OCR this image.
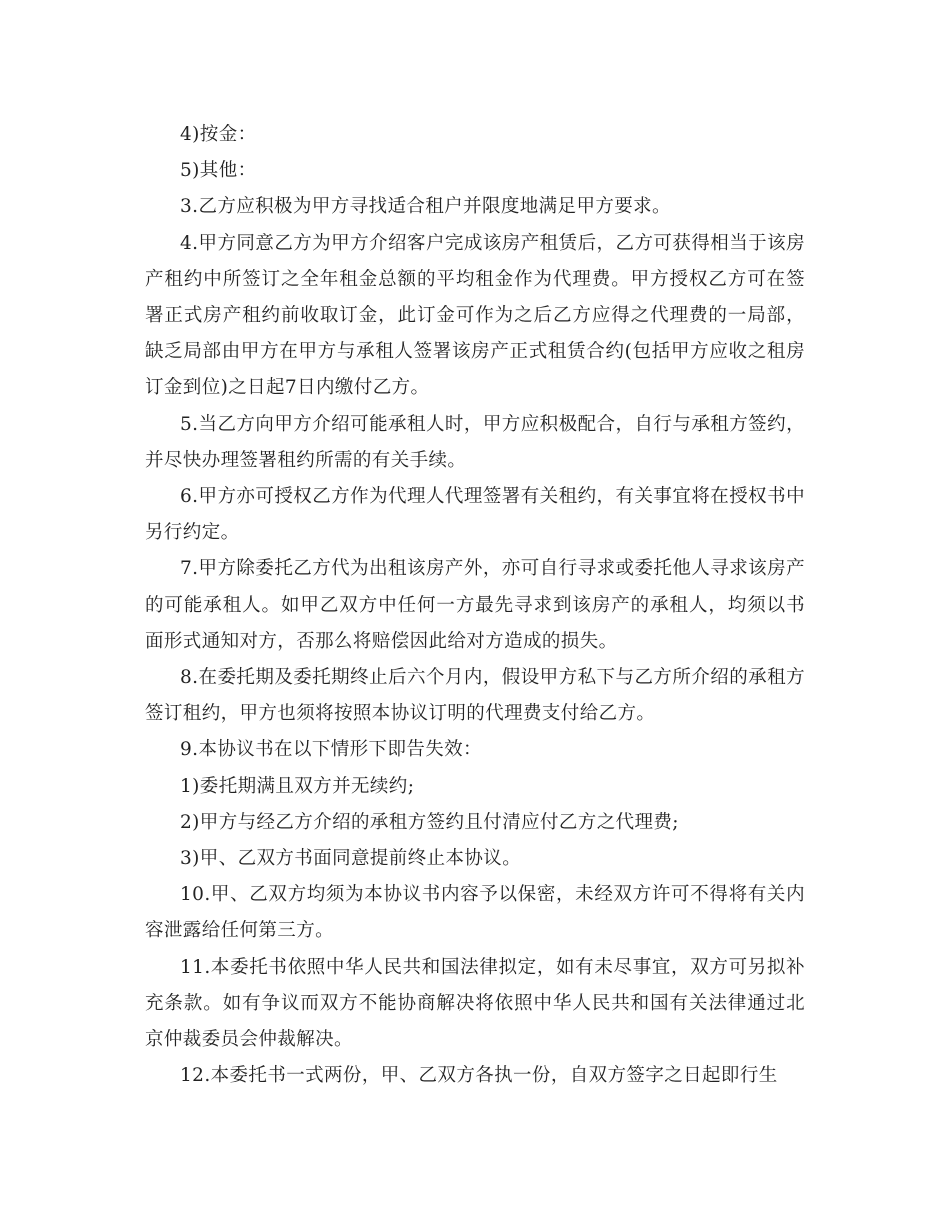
4)按金：

5)其他：

3.乙方应积极为甲方寻找适合租户并限度地满足甲方要求。

4.甲方同意乙方为甲方介绍客户完成该房产租赁后，乙方可获得相当于该房产租约中所签订之全年租金总额的平均租金作为代理费。甲方授权乙方可在签署正式房产租约前收取订金，此订金可作为之后乙方应得之代理费的一局部，缺乏局部由甲方在甲方与承租人签署该房产正式租赁合约(包括甲方应收之租房订金到位)之日起7日内缴付乙方。

5.当乙方向甲方介绍可能承租人时，甲方应积极配合，自行与承租方签约，并尽快办理签署租约所需的有关手续。

6.甲方亦可授权乙方作为代理人代理签署有关租约，有关事宜将在授权书中另行约定。

7.甲方除委托乙方代为出租该房产外，亦可自行寻求或委托他人寻求该房产的可能承租人。如甲乙双方中任何一方最先寻求到该房产的承租人，均须以书面形式通知对方，否那么将赔偿因此给对方造成的损失。

8.在委托期及委托期终止后六个月内，假设甲方私下与乙方所介绍的承租方签订租约，甲方也须将按照本协议订明的代理费支付给乙方。

9.本协议书在以下情形下即告失效：

1)委托期满且双方并无续约;

2)甲方与经乙方介绍的承租方签约且付清应付乙方之代理费;

3)甲、乙双方书面同意提前终止本协议。

10.甲、乙双方均须为本协议书内容予以保密，未经双方许可不得将有关内容泄露给任何第三方。

11.本委托书依照中华人民共和国法律拟定，如有未尽事宜，双方可另拟补充条款。如有争议而双方不能协商解决将依照中华人民共和国有关法律通过北京仲裁委员会仲裁解决。

12.本委托书一式两份，甲、乙双方各执一份，自双方签字之日起即行生
